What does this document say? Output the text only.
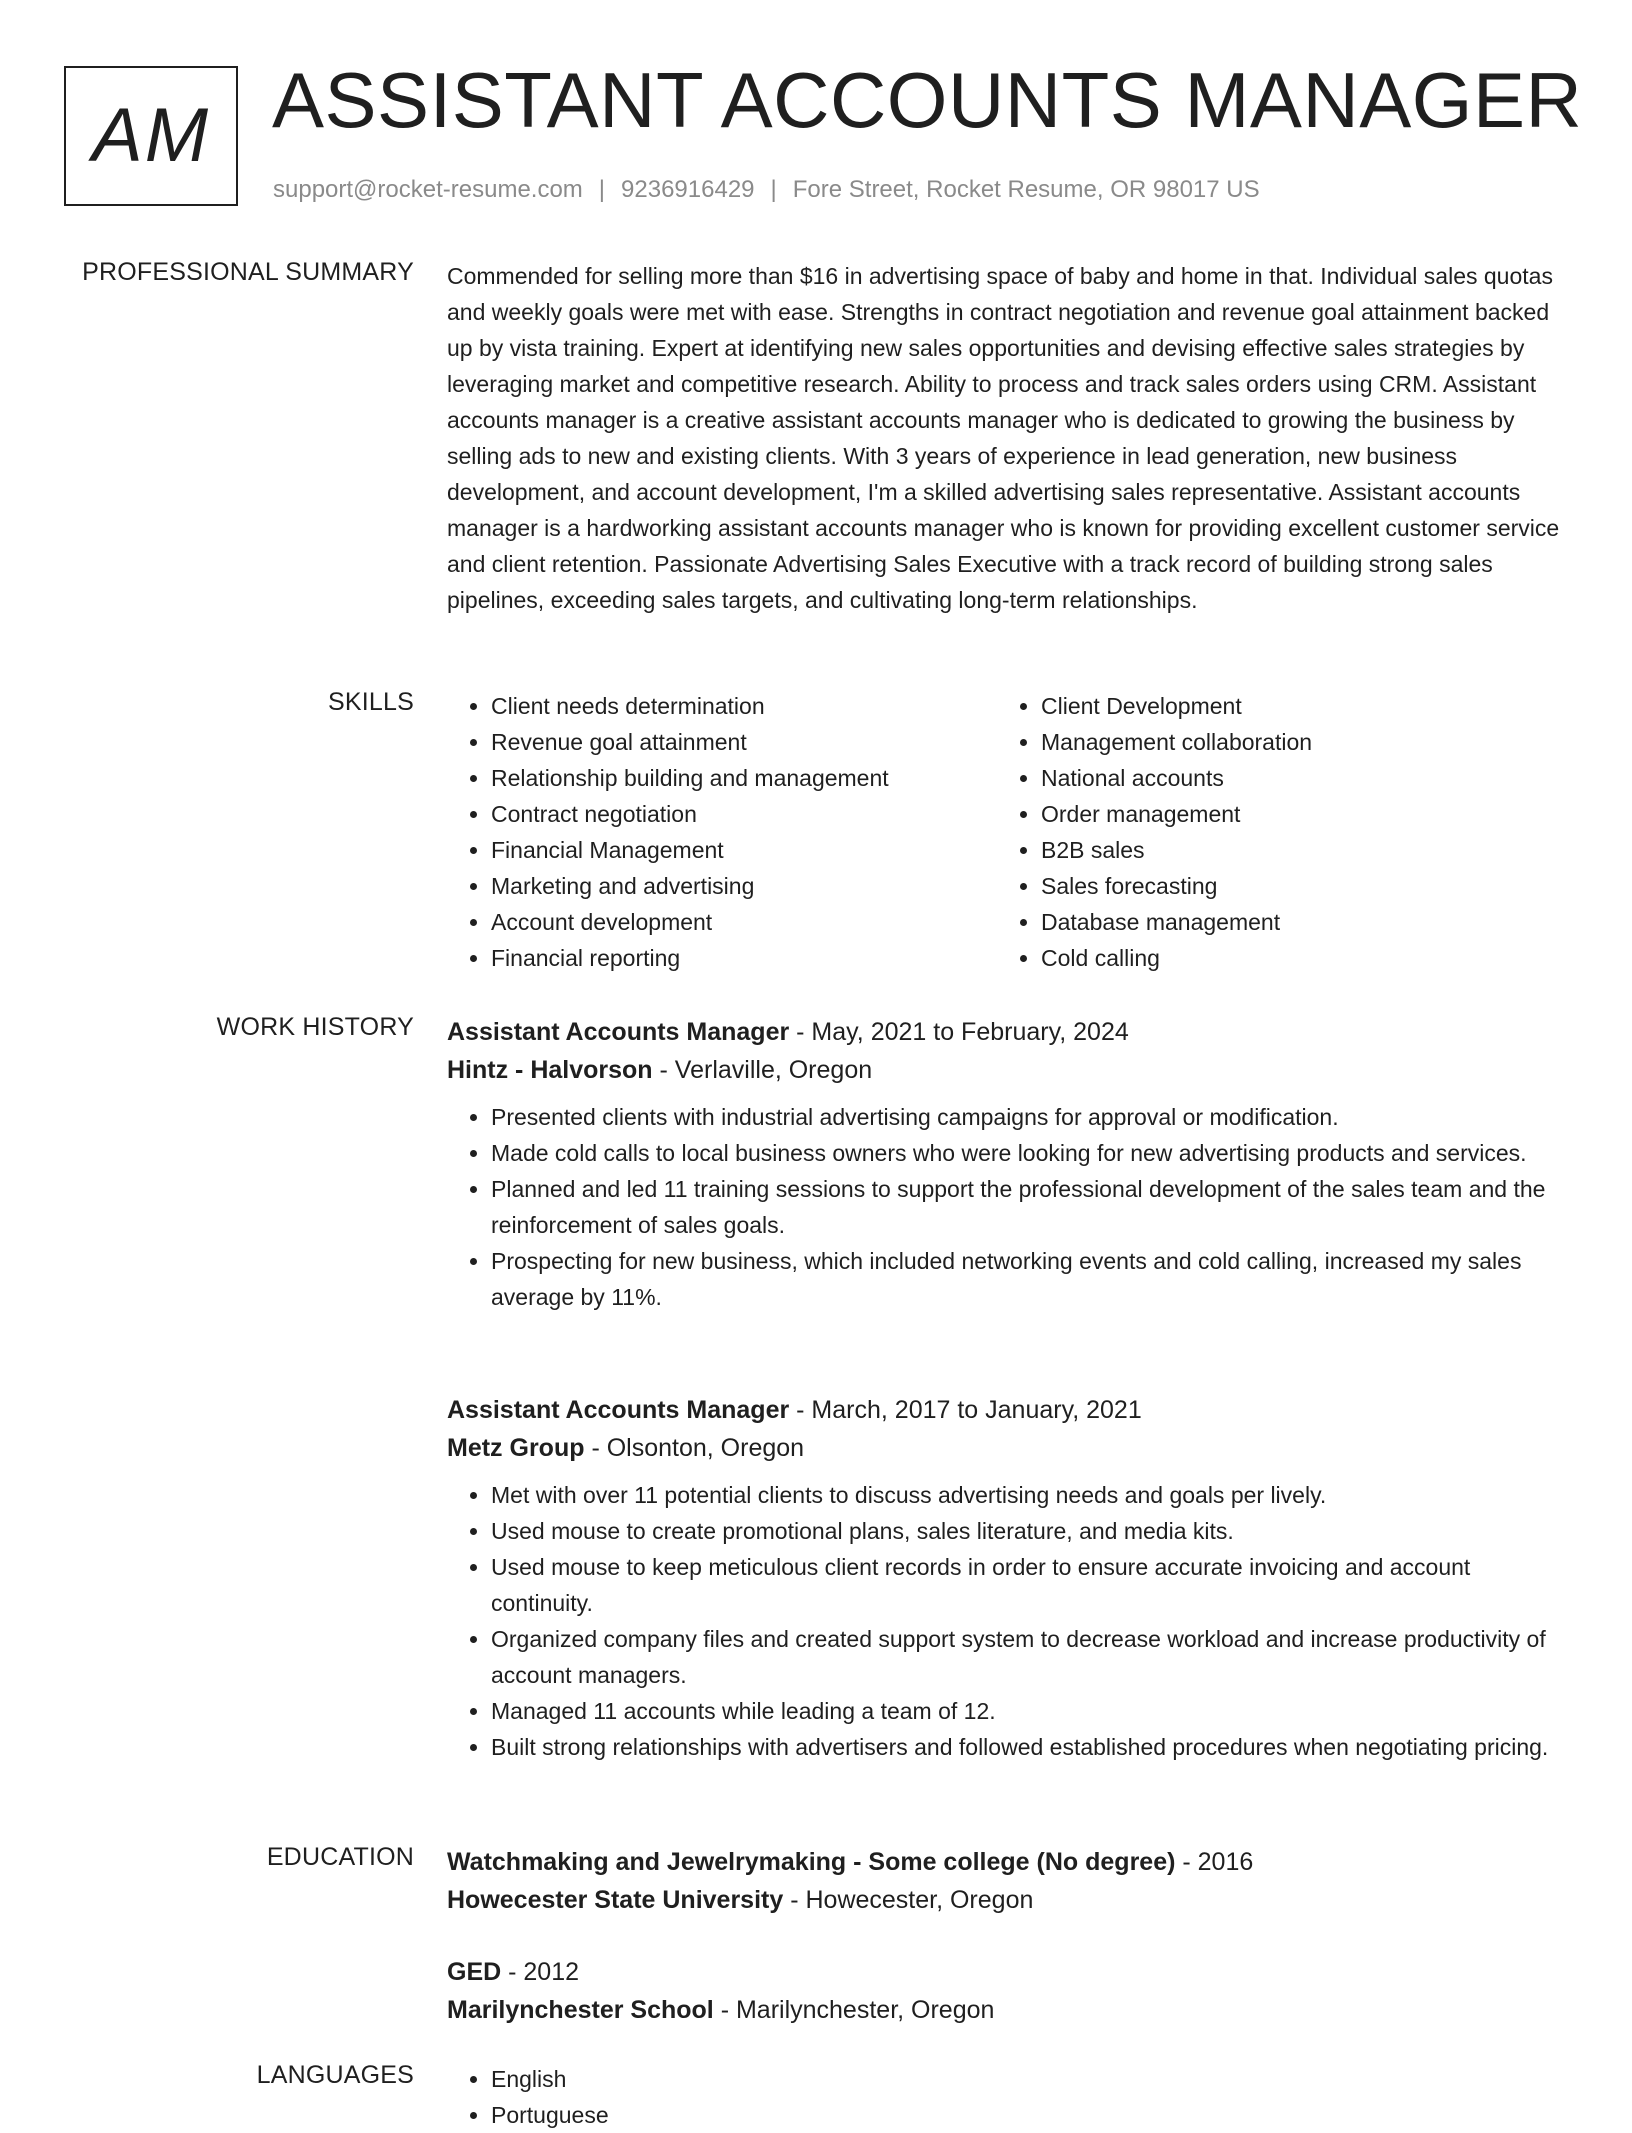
AM ASSISTANT ACCOUNTS MANAGER
support@rocket-resume.com | 9236916429 | Fore Street, Rocket Resume, OR 98017 US
PROFESSIONAL SUMMARY Commended for selling more than $16 in advertising space of baby and home in that. Individual sales quotas and weekly goals were met with ease. Strengths in contract negotiation and revenue goal attainment backed up by vista training. Expert at identifying new sales opportunities and devising effective sales strategies by leveraging market and competitive research. Ability to process and track sales orders using CRM. Assistant accounts manager is a creative assistant accounts manager who is dedicated to growing the business by selling ads to new and existing clients. With 3 years of experience in lead generation, new business development, and account development, I'm a skilled advertising sales representative. Assistant accounts manager is a hardworking assistant accounts manager who is known for providing excellent customer service and client retention. Passionate Advertising Sales Executive with a track record of building strong sales pipelines, exceeding sales targets, and cultivating long-term relationships.

SKILLS	• Client needs determination
• Revenue goal attainment
• Relationship building and management
• Contract negotiation
• Financial Management
• Marketing and advertising
• Account development
• Financial reporting
• Client Development
• Management collaboration
• National accounts
• Order management
• B2B sales
• Sales forecasting
• Database management
• Cold calling
WORK HISTORY Assistant Accounts Manager - May, 2021 to February, 2024

Hintz - Halvorson - Verlaville, Oregon

• Presented clients with industrial advertising campaigns for approval or modification.
• Made cold calls to local business owners who were looking for new advertising products and services.
• Planned and led 11 training sessions to support the professional development of the sales team and the reinforcement of sales goals.
• Prospecting for new business, which included networking events and cold calling, increased my sales average by 11%.

Assistant Accounts Manager - March, 2017 to January, 2021

Metz Group - Olsonton, Oregon

• Met with over 11 potential clients to discuss advertising needs and goals per lively.
• Used mouse to create promotional plans, sales literature, and media kits.
• Used mouse to keep meticulous client records in order to ensure accurate invoicing and account continuity.
• Organized company files and created support system to decrease workload and increase productivity of account managers.
• Managed 11 accounts while leading a team of 12.
• Built strong relationships with advertisers and followed established procedures when negotiating pricing.
EDUCATION Watchmaking and Jewelrymaking - Some college (No degree) - 2016

Howecester State University - Howecester, Oregon

GED - 2012

Marilynchester School - Marilynchester, Oregon

LANGUAGES	• English
• Portuguese
